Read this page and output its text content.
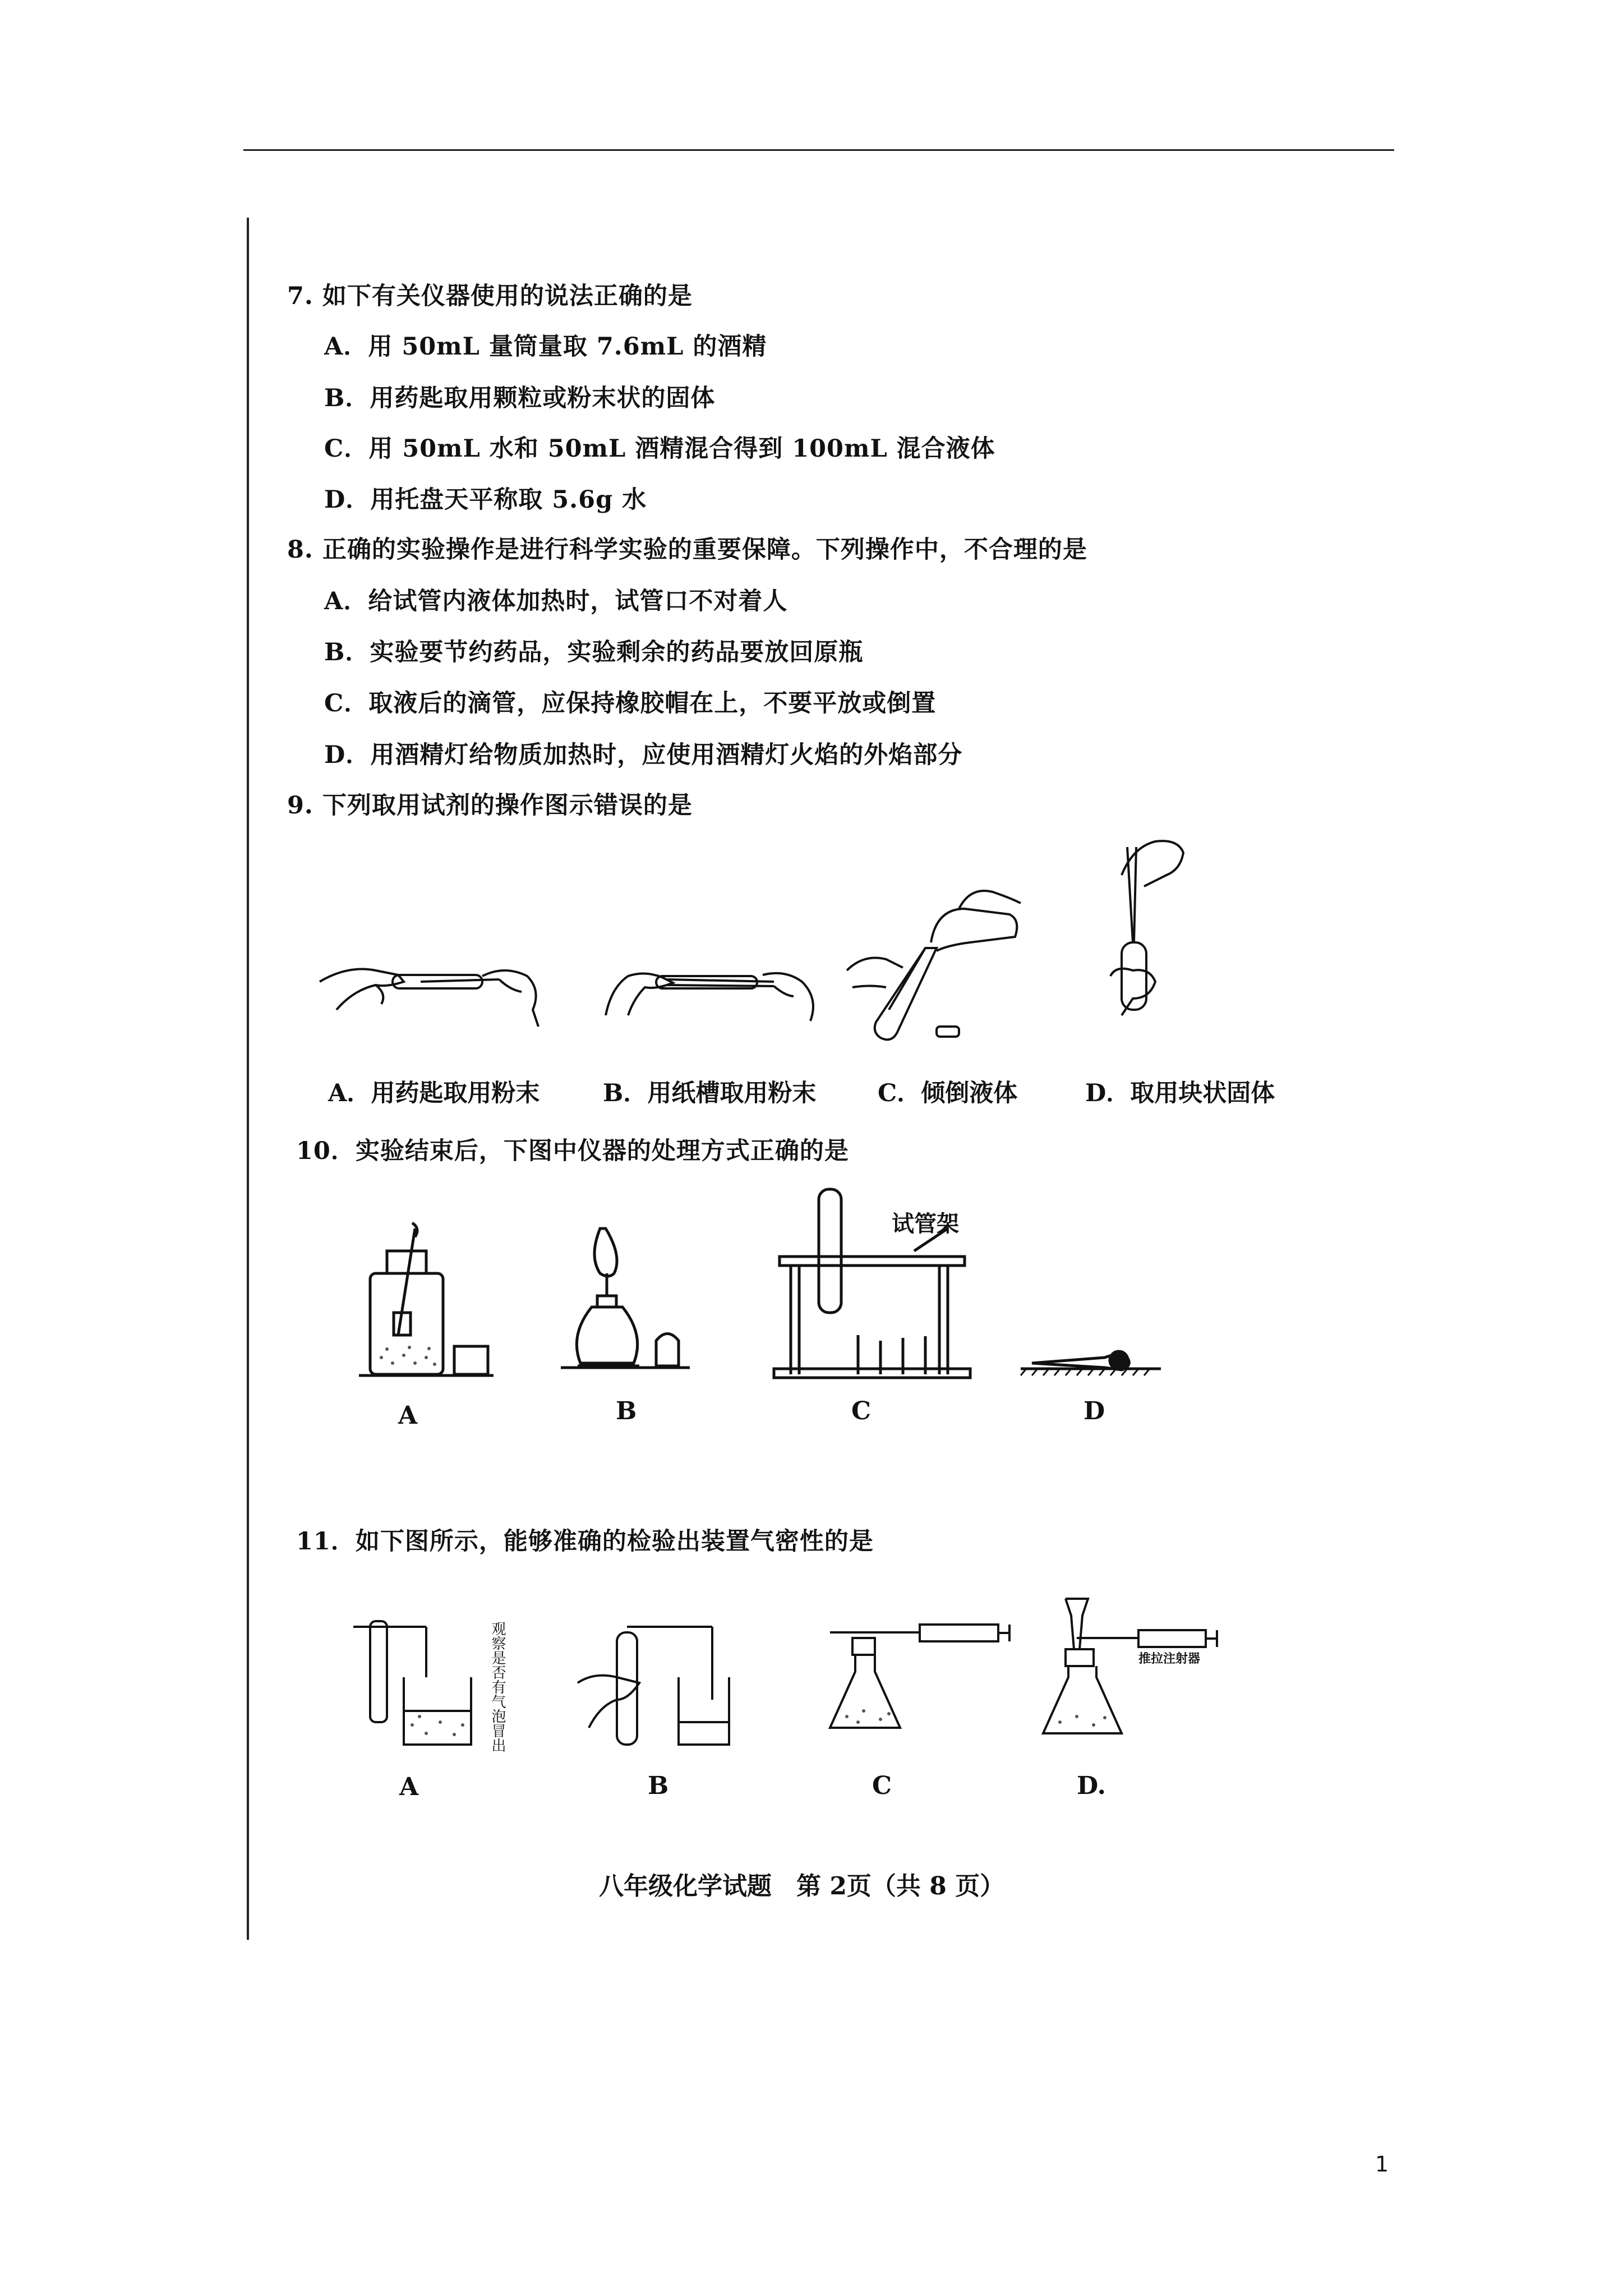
7. 如下有关仪器使用的说法正确的是
A．用 50mL 量筒量取 7.6mL 的酒精
B．用药匙取用颗粒或粉末状的固体
C．用 50mL 水和 50mL 酒精混合得到 100mL 混合液体
D．用托盘天平称取 5.6g 水
8. 正确的实验操作是进行科学实验的重要保障。下列操作中，不合理的是
A．给试管内液体加热时，试管口不对着人
B．实验要节约药品，实验剩余的药品要放回原瓶
C．取液后的滴管，应保持橡胶帽在上，不要平放或倒置
D．用酒精灯给物质加热时，应使用酒精灯火焰的外焰部分
9. 下列取用试剂的操作图示错误的是
A．用药匙取用粉末	B．用纸槽取用粉末	C．倾倒液体	D．取用块状固体
10．实验结束后，下图中仪器的处理方式正确的是
试管架
A	B	C	D
11．如下图所示，能够准确的检验出装置气密性的是
观察是否有气泡冒出	推拉注射器
A	B	C	D.
八年级化学试题　第 2页（共 8 页）
1
